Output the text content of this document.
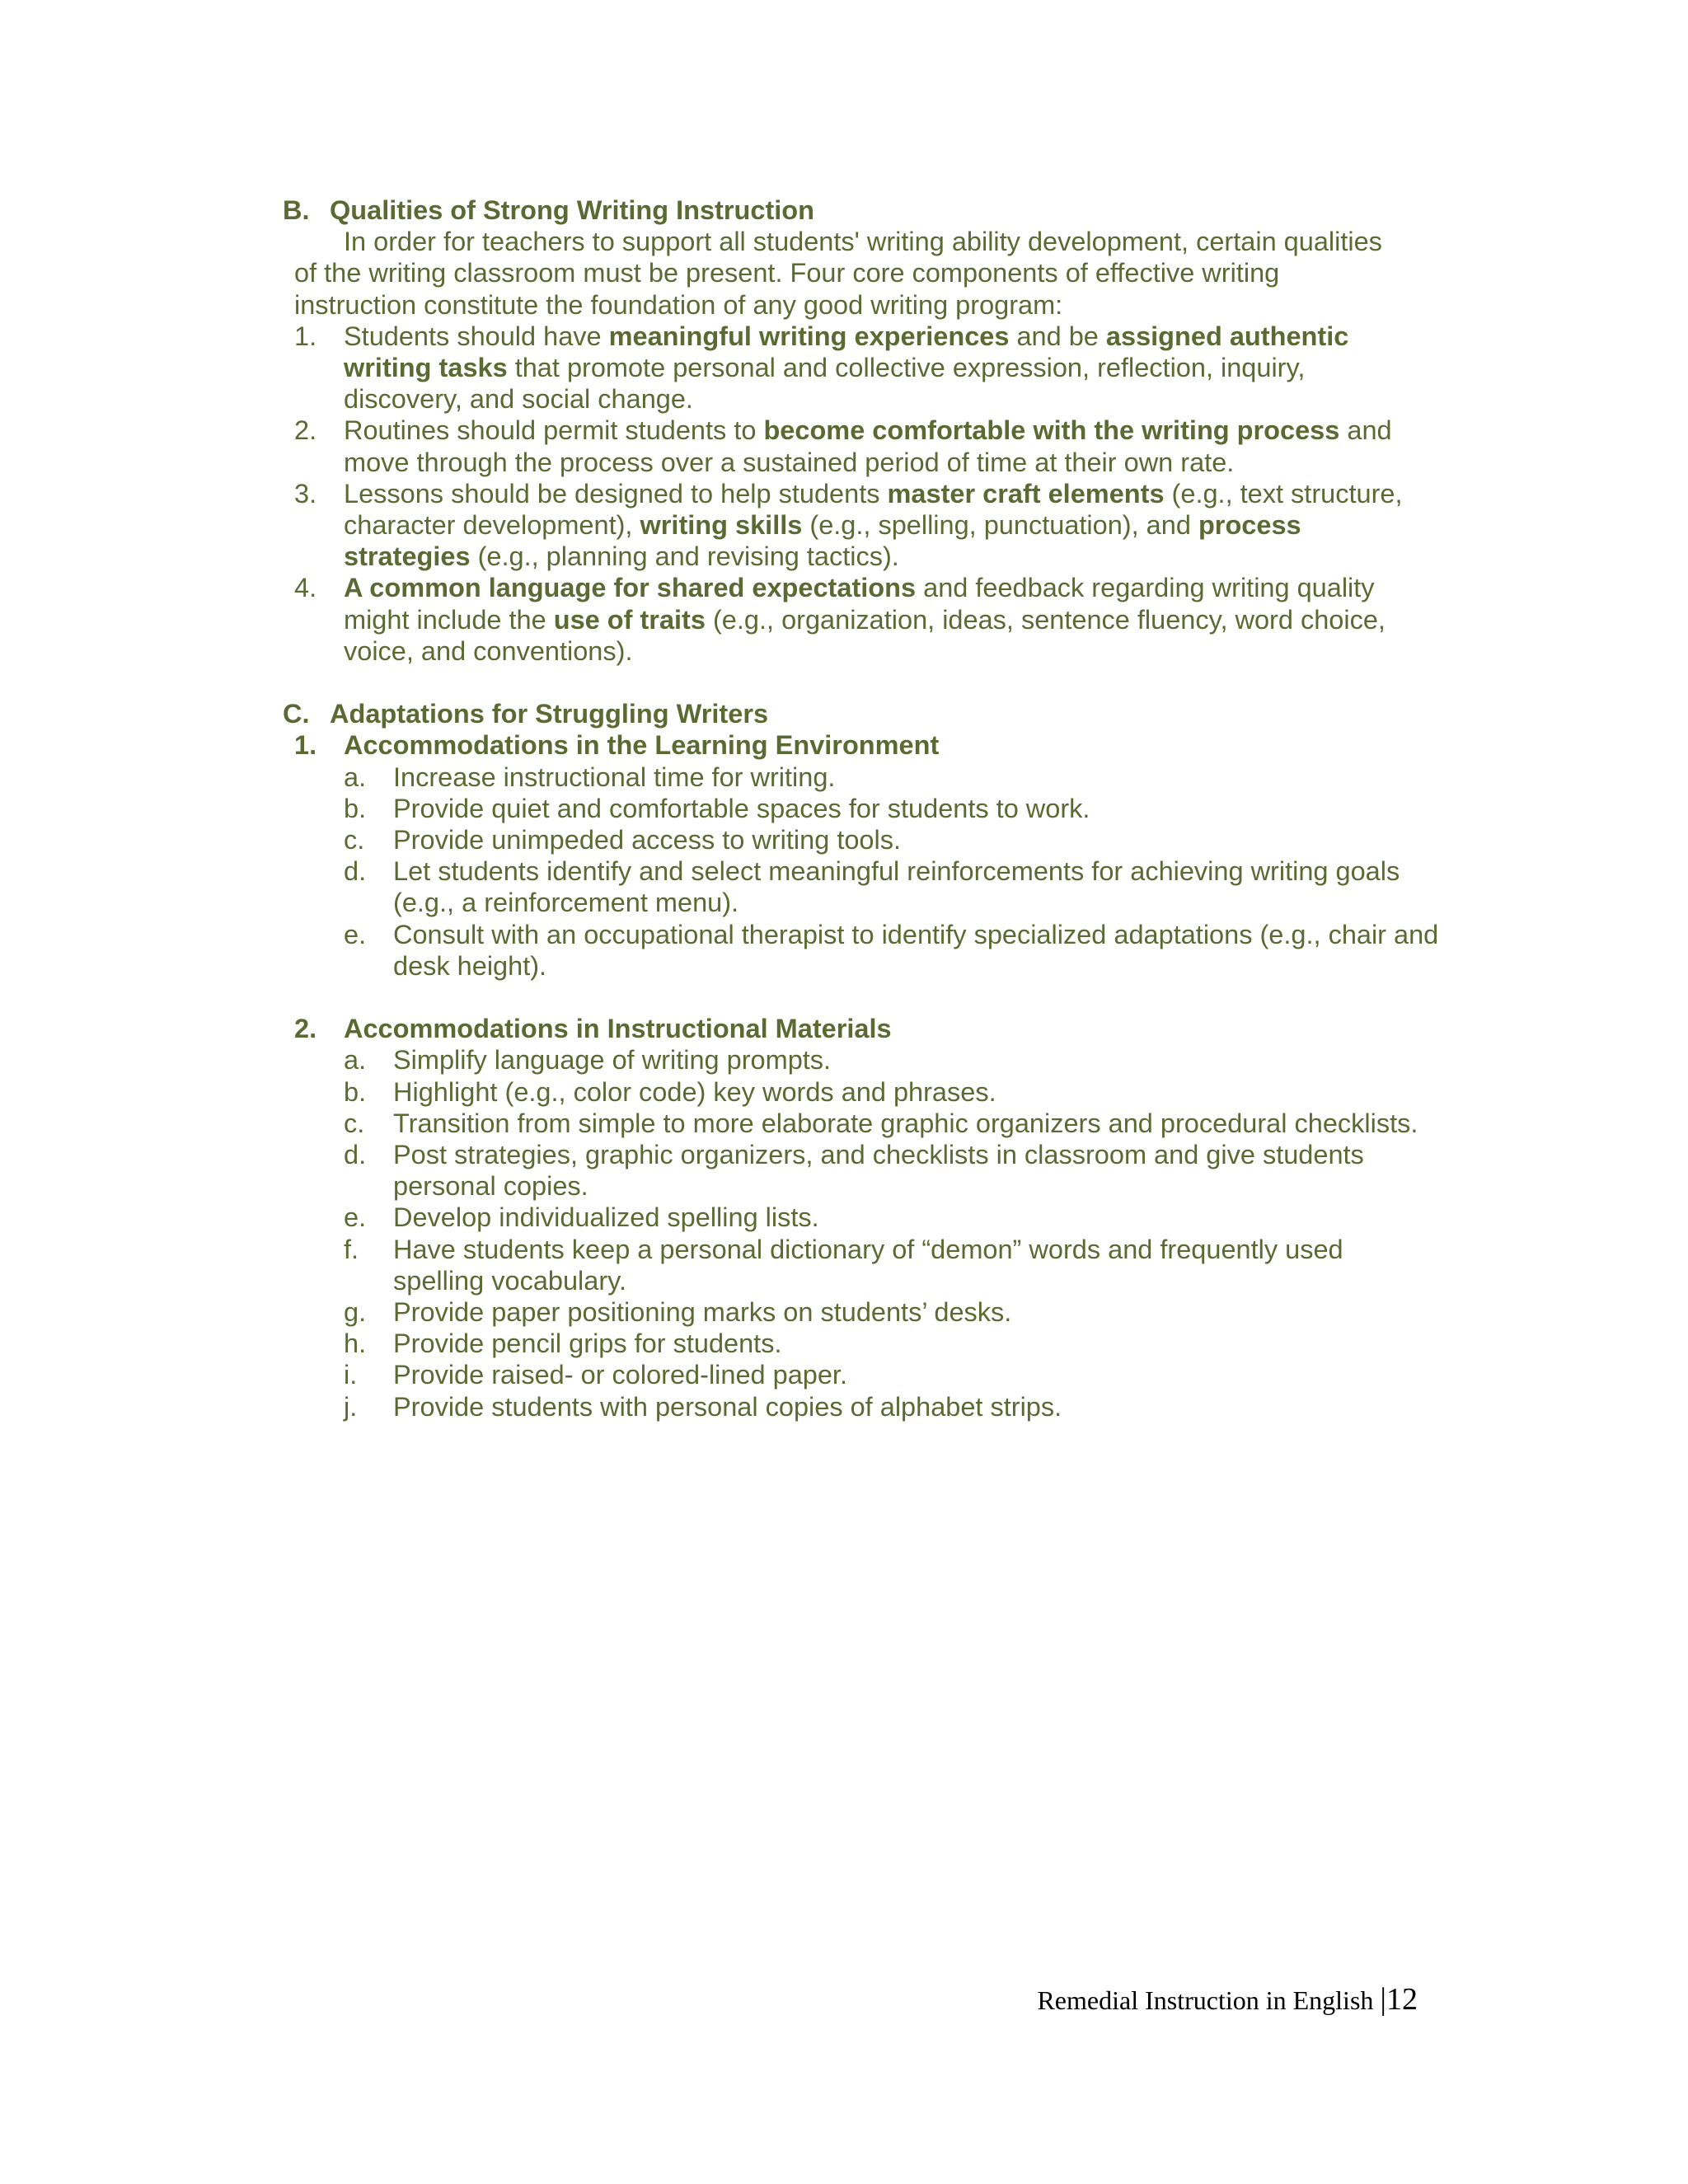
B. Qualities of Strong Writing Instruction
In order for teachers to support all students' writing ability development, certain qualities
of the writing classroom must be present. Four core components of effective writing
instruction constitute the foundation of any good writing program:
1. Students should have meaningful writing experiences and be assigned authentic writing tasks that promote personal and collective expression, reflection, inquiry, discovery, and social change.
2. Routines should permit students to become comfortable with the writing process and move through the process over a sustained period of time at their own rate.
3. Lessons should be designed to help students master craft elements (e.g., text structure, character development), writing skills (e.g., spelling, punctuation), and process strategies (e.g., planning and revising tactics).
4. A common language for shared expectations and feedback regarding writing quality might include the use of traits (e.g., organization, ideas, sentence fluency, word choice, voice, and conventions).
C. Adaptations for Struggling Writers
1. Accommodations in the Learning Environment
a. Increase instructional time for writing.
b. Provide quiet and comfortable spaces for students to work.
c. Provide unimpeded access to writing tools.
d. Let students identify and select meaningful reinforcements for achieving writing goals (e.g., a reinforcement menu).
e. Consult with an occupational therapist to identify specialized adaptations (e.g., chair and desk height).
2. Accommodations in Instructional Materials
a. Simplify language of writing prompts.
b. Highlight (e.g., color code) key words and phrases.
c. Transition from simple to more elaborate graphic organizers and procedural checklists.
d. Post strategies, graphic organizers, and checklists in classroom and give students personal copies.
e. Develop individualized spelling lists.
f. Have students keep a personal dictionary of “demon” words and frequently used spelling vocabulary.
g. Provide paper positioning marks on students’ desks.
h. Provide pencil grips for students.
i. Provide raised- or colored-lined paper.
j. Provide students with personal copies of alphabet strips.
Remedial Instruction in English |12
